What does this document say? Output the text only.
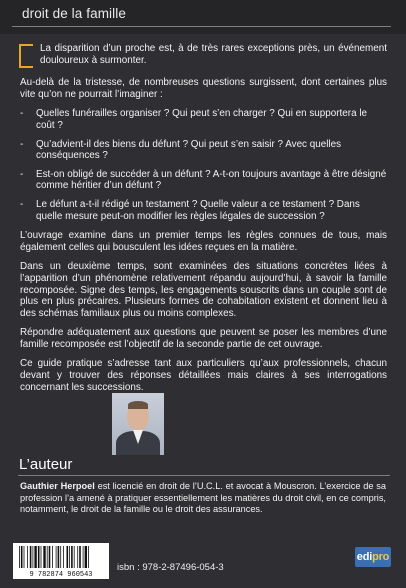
droit de la famille

La disparition d’un proche est, à de très rares exceptions près, un événement douloureux à surmonter.

Au-delà de la tristesse, de nombreuses questions surgissent, dont certaines plus vite qu’on ne pourrait l’imaginer :

- Quelles funérailles organiser ? Qui peut s’en charger ? Qui en supportera le coût ?
- Qu’advient-il des biens du défunt ? Qui peut s’en saisir ? Avec quelles conséquences ?
- Est-on obligé de succéder à un défunt ? A-t-on toujours avantage à être désigné comme héritier d’un défunt ?
- Le défunt a-t-il rédigé un testament ? Quelle valeur a ce testament ? Dans quelle mesure peut-on modifier les règles légales de succession ?

L’ouvrage examine dans un premier temps les règles connues de tous, mais également celles qui bousculent les idées reçues en la matière.

Dans un deuxième temps, sont examinées des situations concrètes liées à l’apparition d’un phénomène relativement répandu aujourd’hui, à savoir la famille recomposée. Signe des temps, les engagements souscrits dans un couple sont de plus en plus précaires. Plusieurs formes de cohabitation existent et donnent lieu à des schémas familiaux plus ou moins complexes.

Répondre adéquatement aux questions que peuvent se poser les membres d’une famille recomposée est l’objectif de la seconde partie de cet ouvrage.

Ce guide pratique s’adresse tant aux particuliers qu’aux professionnels, chacun devant y trouver des réponses détaillées mais claires à ses interrogations concernant les successions.

L’auteur
Gauthier Herpoel est licencié en droit de l’U.C.L. et avocat à Mouscron. L’exercice de sa profession l’a amené à pratiquer essentiellement les matières du droit civil, en ce compris, notamment, le droit de la famille ou le droit des assurances.
9 782874 960543
isbn : 978-2-87496-054-3
edipro
